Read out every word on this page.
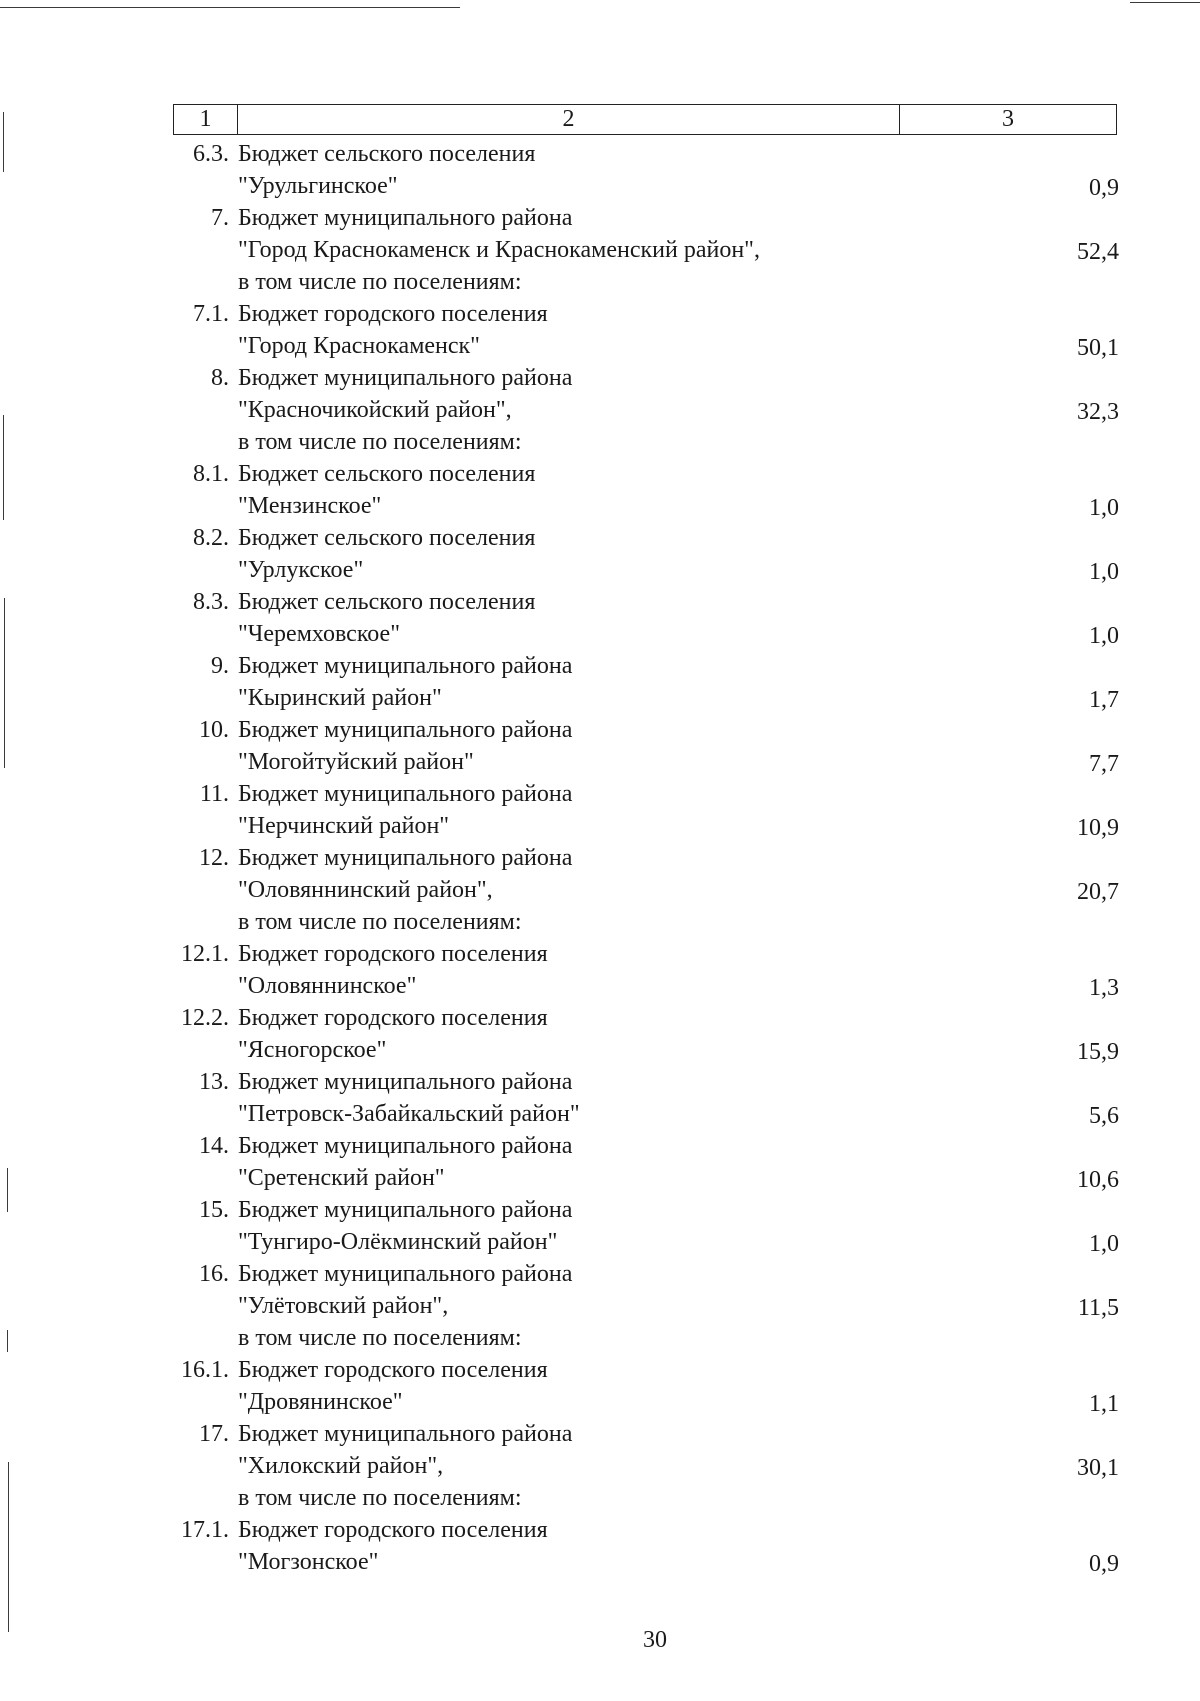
1	2	3
6.3. Бюджет сельского поселения
"Урульгинское"	0,9
7. Бюджет муниципального района
"Город Краснокаменск и Краснокаменский район",	52,4
в том числе по поселениям:
7.1. Бюджет городского поселения
"Город Краснокаменск"	50,1
8. Бюджет муниципального района
"Красночикойский район",	32,3
в том числе по поселениям:
8.1. Бюджет сельского поселения
"Мензинское"	1,0
8.2. Бюджет сельского поселения
"Урлукское"	1,0
8.3. Бюджет сельского поселения
"Черемховское"	1,0
9. Бюджет муниципального района
"Кыринский район"	1,7
10. Бюджет муниципального района
"Могойтуйский район"	7,7
11. Бюджет муниципального района
"Нерчинский район"	10,9
12. Бюджет муниципального района
"Оловяннинский район",	20,7
в том числе по поселениям:
12.1. Бюджет городского поселения
"Оловяннинское"	1,3
12.2. Бюджет городского поселения
"Ясногорское"	15,9
13. Бюджет муниципального района
"Петровск-Забайкальский район"	5,6
14. Бюджет муниципального района
"Сретенский район"	10,6
15. Бюджет муниципального района
"Тунгиро-Олёкминский район"	1,0
16. Бюджет муниципального района
"Улётовский район",	11,5
в том числе по поселениям:
16.1. Бюджет городского поселения
"Дровянинское"	1,1
17. Бюджет муниципального района
"Хилокский район",	30,1
в том числе по поселениям:
17.1. Бюджет городского поселения
"Могзонское"	0,9
30
